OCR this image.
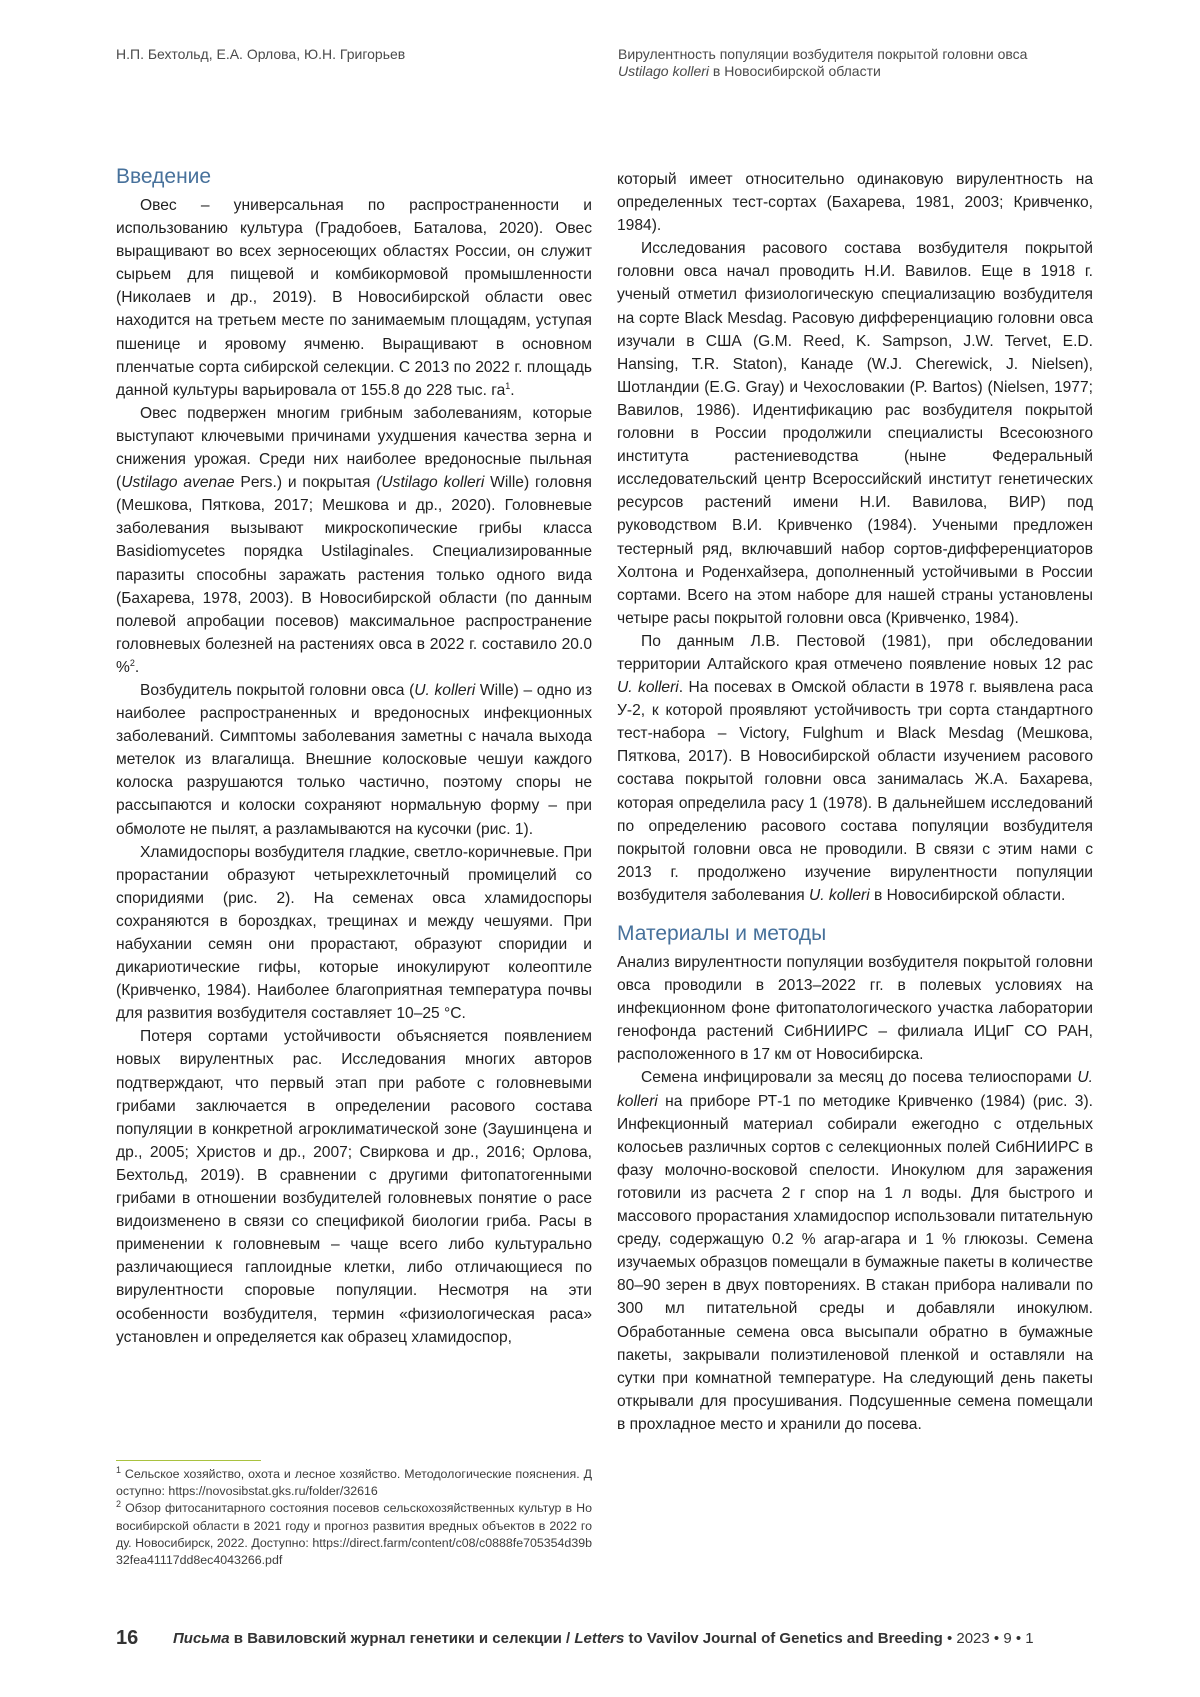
Н.П. Бехтольд, Е.А. Орлова, Ю.Н. Григорьев	Вирулентность популяции возбудителя покрытой головни овса
Ustilago kolleri в Новосибирской области
Введение

Овес – универсальная по распространенности и использованию культура (Градобоев, Баталова, 2020). Овес выращивают во всех зерносеющих областях России, он служит сырьем для пищевой и комбикормовой промышленности (Николаев и др., 2019). В Новосибирской области овес находится на третьем месте по занимаемым площадям, уступая пшенице и яровому ячменю. Выращивают в основном пленчатые сорта сибирской селекции. С 2013 по 2022 г. площадь данной культуры варьировала от 155.8 до 228 тыс. $га^1$.

Овес подвержен многим грибным заболеваниям, которые выступают ключевыми причинами ухудшения качества зерна и снижения урожая. Среди них наиболее вредоносные пыльная (Ustilago avenae Pers.) и покрытая (Ustilago kolleri Wille) головня (Мешкова, Пяткова, 2017; Мешкова и др., 2020). Головневые заболевания вызывают микроскопические грибы класса Basidiomycetes порядка Ustilaginales. Специализированные паразиты способны заражать растения только одного вида (Бахарева, 1978, 2003). В Новосибирской области (по данным полевой апробации посевов) максимальное распространение головневых болезней на растениях овса в 2022 г. составило 20.0 %$^2$.

Возбудитель покрытой головни овса (U. kolleri Wille) – одно из наиболее распространенных и вредоносных инфекционных заболеваний. Симптомы заболевания заметны с начала выхода метелок из влагалища. Внешние колосковые чешуи каждого колоска разрушаются только частично, поэтому споры не рассыпаются и колоски сохраняют нормальную форму – при обмолоте не пылят, а разламываются на кусочки (рис. 1).

Хламидоспоры возбудителя гладкие, светло-коричневые. При прорастании образуют четырехклеточный промицелий со споридиями (рис. 2). На семенах овса хламидоспоры сохраняются в бороздках, трещинах и между чешуями. При набухании семян они прорастают, образуют споридии и дикариотические гифы, которые инокулируют колеоптиле (Кривченко, 1984). Наиболее благоприятная температура почвы для развития возбудителя составляет 10–25 °С.

Потеря сортами устойчивости объясняется появлением новых вирулентных рас. Исследования многих авторов подтверждают, что первый этап при работе с головневыми грибами заключается в определении расового состава популяции в конкретной агроклиматической зоне (Заушинцена и др., 2005; Христов и др., 2007; Свиркова и др., 2016; Орлова, Бехтольд, 2019). В сравнении с другими фитопатогенными грибами в отношении возбудителей головневых понятие о расе видоизменено в связи со спецификой биологии гриба. Расы в применении к головневым – чаще всего либо культурально различающиеся гаплоидные клетки, либо отличающиеся по вирулентности споровые популяции. Несмотря на эти особенности возбудителя, термин «физиологическая раса» установлен и определяется как образец хламидоспор,

который имеет относительно одинаковую вирулентность на определенных тест-сортах (Бахарева, 1981, 2003; Кривченко, 1984).

Исследования расового состава возбудителя покрытой головни овса начал проводить Н.И. Вавилов. Еще в 1918 г. ученый отметил физиологическую специализацию возбудителя на сорте Black Mesdag. Расовую дифференциацию головни овса изучали в США (G.M. Reed, K. Sampson, J.W. Tervet, E.D. Hansing, T.R. Staton), Канаде (W.J. Cherewick, J. Nielsen), Шотландии (E.G. Gray) и Чехословакии (P. Bartos) (Nielsen, 1977; Вавилов, 1986). Идентификацию рас возбудителя покрытой головни в России продолжили специалисты Всесоюзного института растениеводства (ныне Федеральный исследовательский центр Всероссийский институт генетических ресурсов растений имени Н.И. Вавилова, ВИР) под руководством В.И. Кривченко (1984). Учеными предложен тестерный ряд, включавший набор сортов-дифференциаторов Холтона и Роденхайзера, дополненный устойчивыми в России сортами. Всего на этом наборе для нашей страны установлены четыре расы покрытой головни овса (Кривченко, 1984).

По данным Л.В. Пестовой (1981), при обследовании территории Алтайского края отмечено появление новых 12 рас U. kolleri. На посевах в Омской области в 1978 г. выявлена раса У-2, к которой проявляют устойчивость три сорта стандартного тест-набора – Victory, Fulghum и Black Mesdag (Мешкова, Пяткова, 2017). В Новосибирской области изучением расового состава покрытой головни овса занималась Ж.А. Бахарева, которая определила расу 1 (1978). В дальнейшем исследований по определению расового состава популяции возбудителя покрытой головни овса не проводили. В связи с этим нами с 2013 г. продолжено изучение вирулентности популяции возбудителя заболевания U. kolleri в Новосибирской области.

Материалы и методы

Анализ вирулентности популяции возбудителя покрытой головни овса проводили в 2013–2022 гг. в полевых условиях на инфекционном фоне фитопатологического участка лаборатории генофонда растений СибНИИРС – филиала ИЦиГ СО РАН, расположенного в 17 км от Новосибирска.

Семена инфицировали за месяц до посева телиоспорами U. kolleri на приборе РТ-1 по методике Кривченко (1984) (рис. 3). Инфекционный материал собирали ежегодно с отдельных колосьев различных сортов с селекционных полей СибНИИРС в фазу молочно-восковой спелости. Инокулюм для заражения готовили из расчета 2 г спор на 1 л воды. Для быстрого и массового прорастания хламидоспор использовали питательную среду, содержащую 0.2 % агар-агара и 1 % глюкозы. Семена изучаемых образцов помещали в бумажные пакеты в количестве 80–90 зерен в двух повторениях. В стакан прибора наливали по 300 мл питательной среды и добавляли инокулюм. Обработанные семена овса высыпали обратно в бумажные пакеты, закрывали полиэтиленовой пленкой и оставляли на сутки при комнатной температуре. На следующий день пакеты открывали для просушивания. Подсушенные семена помещали в прохладное место и хранили до посева.

$^1$ Сельское хозяйство, охота и лесное хозяйство. Методологические пояснения. Доступно: https://novosibstat.gks.ru/folder/32616

$^2$ Обзор фитосанитарного состояния посевов сельскохозяйственных культур в Новосибирской области в 2021 году и прогноз развития вредных объектов в 2022 году. Новосибирск, 2022. Доступно: https://direct.farm/content/c08/c0888fe705354d39b32fea41117dd8ec4043266.pdf

16 Письма в Вавиловский журнал генетики и селекции / Letters to Vavilov Journal of Genetics and Breeding • 2023 • 9 • 1
